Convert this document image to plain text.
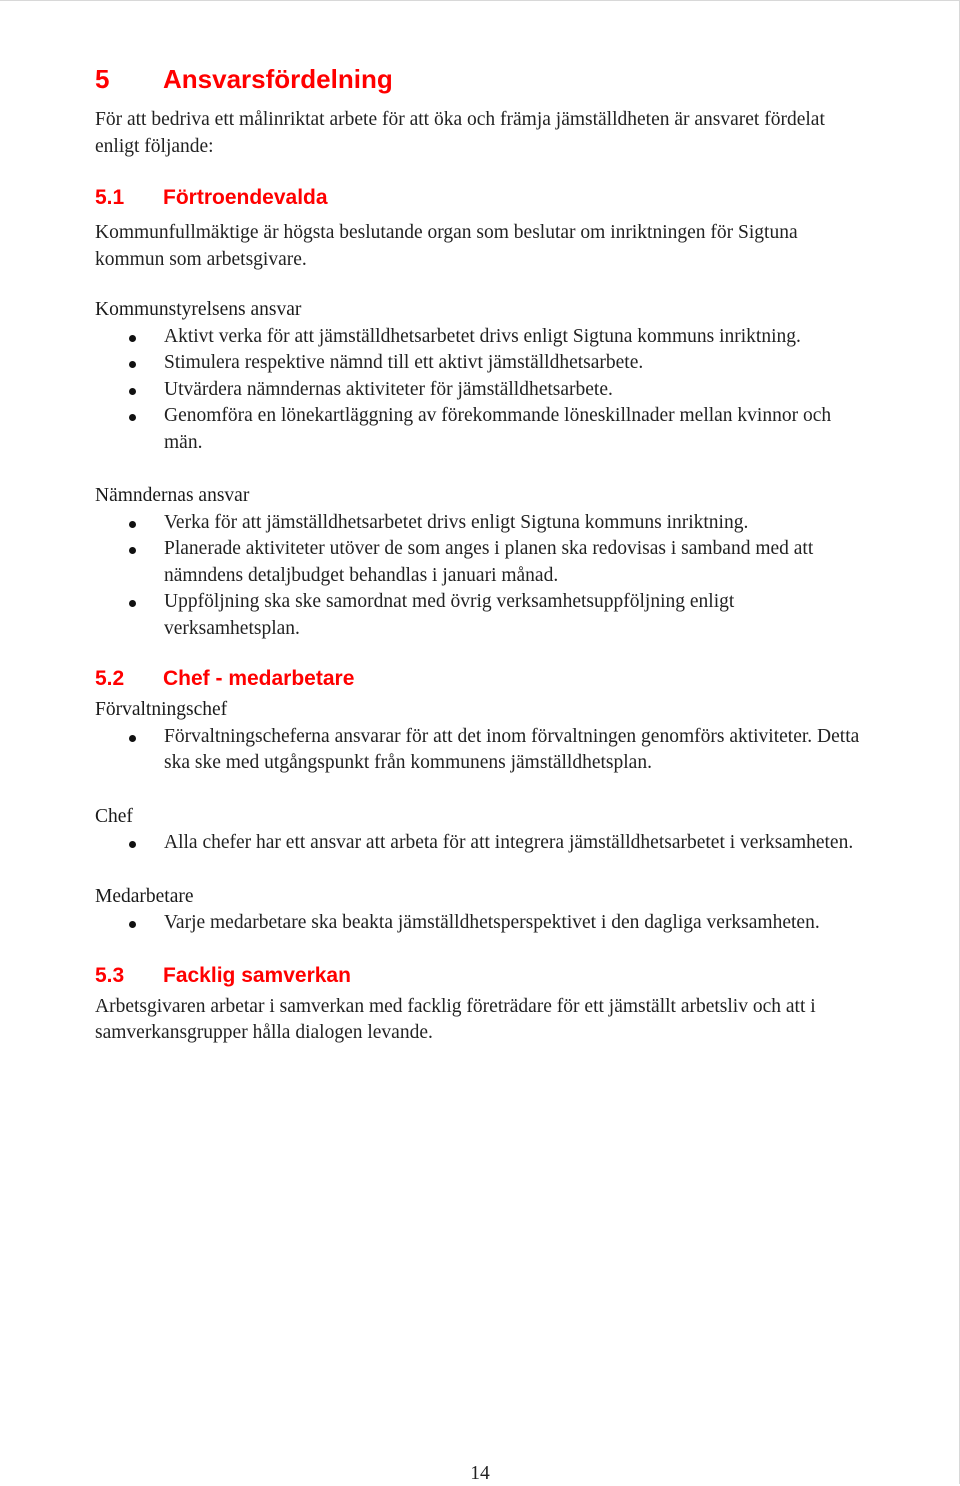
5	Ansvarsfördelning

För att bedriva ett målinriktat arbete för att öka och främja jämställdheten är ansvaret fördelat enligt följande:

5.1	Förtroendevalda

Kommunfullmäktige är högsta beslutande organ som beslutar om inriktningen för Sigtuna kommun som arbetsgivare.

Kommunstyrelsens ansvar

Aktivt verka för att jämställdhetsarbetet drivs enligt Sigtuna kommuns inriktning.
Stimulera respektive nämnd till ett aktivt jämställdhetsarbete.
Utvärdera nämndernas aktiviteter för jämställdhetsarbete.
Genomföra en lönekartläggning av förekommande löneskillnader mellan kvinnor och män.

Nämndernas ansvar

Verka för att jämställdhetsarbetet drivs enligt Sigtuna kommuns inriktning.
Planerade aktiviteter utöver de som anges i planen ska redovisas i samband med att nämndens detaljbudget behandlas i januari månad.
Uppföljning ska ske samordnat med övrig verksamhetsuppföljning enligt verksamhetsplan.
5.2	Chef - medarbetare

Förvaltningschef

Förvaltningscheferna ansvarar för att det inom förvaltningen genomförs aktiviteter. Detta ska ske med utgångspunkt från kommunens jämställdhetsplan.

Chef

Alla chefer har ett ansvar att arbeta för att integrera jämställdhetsarbetet i verksamheten.

Medarbetare

Varje medarbetare ska beakta jämställdhetsperspektivet i den dagliga verksamheten.
5.3	Facklig samverkan

Arbetsgivaren arbetar i samverkan med facklig företrädare för ett jämställt arbetsliv och att i samverkansgrupper hålla dialogen levande.

14
